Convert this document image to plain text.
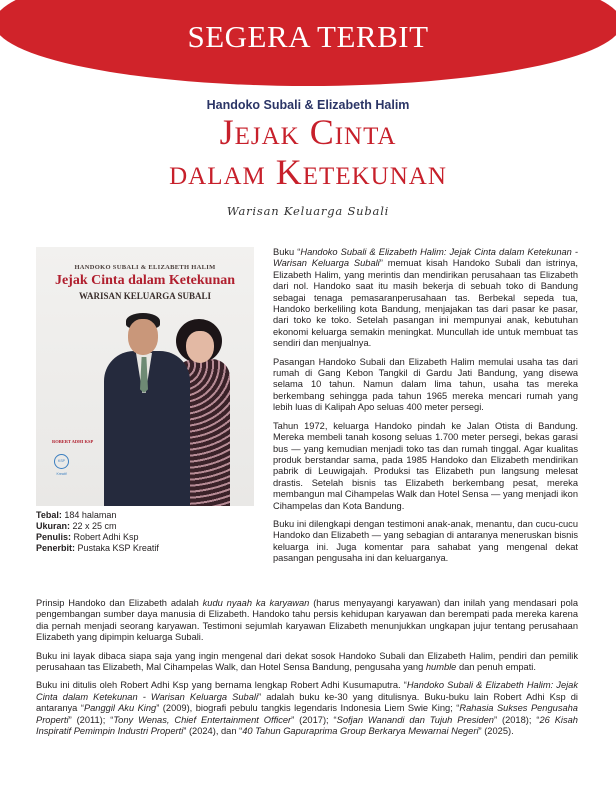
SEGERA TERBIT
Handoko Subali & Elizabeth Halim
Jejak Cinta
dalam Ketekunan
Warisan Keluarga Subali
HANDOKO SUBALI & ELIZABETH HALIM
Jejak Cinta dalam Ketekunan
WARISAN KELUARGA SUBALI
ROBERT ADHI KSP
KSP Kreatif
Tebal: 184 halaman
Ukuran: 22 x 25 cm
Penulis: Robert Adhi Ksp
Penerbit: Pustaka KSP Kreatif

Buku “Handoko Subali & Elizabeth Halim: Jejak Cinta dalam Ketekunan - Warisan Keluarga Subali” memuat kisah Handoko Subali dan istrinya, Elizabeth Halim, yang merintis dan mendirikan perusahaan tas Elizabeth dari nol. Handoko saat itu masih bekerja di sebuah toko di Bandung sebagai tenaga pemasaranperusahaan tas. Berbekal sepeda tua, Handoko berkeliling kota Bandung, menjajakan tas dari pasar ke pasar, dari toko ke toko. Setelah pasangan ini mempunyai anak, kebutuhan ekonomi keluarga semakin meningkat. Muncullah ide untuk membuat tas sendiri dan menjualnya.

Pasangan Handoko Subali dan Elizabeth Halim memulai usaha tas dari rumah di Gang Kebon Tangkil di Gardu Jati Bandung, yang disewa selama 10 tahun. Namun dalam lima tahun, usaha tas mereka berkembang sehingga pada tahun 1965 mereka mencari rumah yang lebih luas di Kalipah Apo seluas 400 meter persegi.

Tahun 1972, keluarga Handoko pindah ke Jalan Otista di Bandung. Mereka membeli tanah kosong seluas 1.700 meter persegi, bekas garasi bus — yang kemudian menjadi toko tas dan rumah tinggal. Agar kualitas produk berstandar sama, pada 1985 Handoko dan Elizabeth mendirikan pabrik di Leuwigajah. Produksi tas Elizabeth pun langsung melesat drastis. Setelah bisnis tas Elizabeth berkembang pesat, mereka membangun mal Cihampelas Walk dan Hotel Sensa — yang menjadi ikon Cihampelas dan Kota Bandung.

Buku ini dilengkapi dengan testimoni anak-anak, menantu, dan cucu-cucu Handoko dan Elizabeth — yang sebagian di antaranya meneruskan bisnis keluarga ini. Juga komentar para sahabat yang mengenal dekat pasangan pengusaha ini dan keluarganya.

Prinsip Handoko dan Elizabeth adalah kudu nyaah ka karyawan (harus menyayangi karyawan) dan inilah yang mendasari pola pengembangan sumber daya manusia di Elizabeth. Handoko tahu persis kehidupan karyawan dan berempati pada mereka karena dia pernah menjadi seorang karyawan. Testimoni sejumlah karyawan Elizabeth menunjukkan ungkapan jujur tentang perusahaan Elizabeth yang dipimpin keluarga Subali.

Buku ini layak dibaca siapa saja yang ingin mengenal dari dekat sosok Handoko Subali dan Elizabeth Halim, pendiri dan pemilik perusahaan tas Elizabeth, Mal Cihampelas Walk, dan Hotel Sensa Bandung, pengusaha yang humble dan penuh empati.

Buku ini ditulis oleh Robert Adhi Ksp yang bernama lengkap Robert Adhi Kusumaputra. “Handoko Subali & Elizabeth Halim: Jejak Cinta dalam Ketekunan - Warisan Keluarga Subali” adalah buku ke-30 yang ditulisnya. Buku-buku lain Robert Adhi Ksp di antaranya “Panggil Aku King” (2009), biografi pebulu tangkis legendaris Indonesia Liem Swie King; “Rahasia Sukses Pengusaha Properti” (2011); “Tony Wenas, Chief Entertainment Officer” (2017); “Sofjan Wanandi dan Tujuh Presiden” (2018); “26 Kisah Inspiratif Pemimpin Industri Properti” (2024), dan “40 Tahun Gapuraprima Group Berkarya Mewarnai Negeri” (2025).
